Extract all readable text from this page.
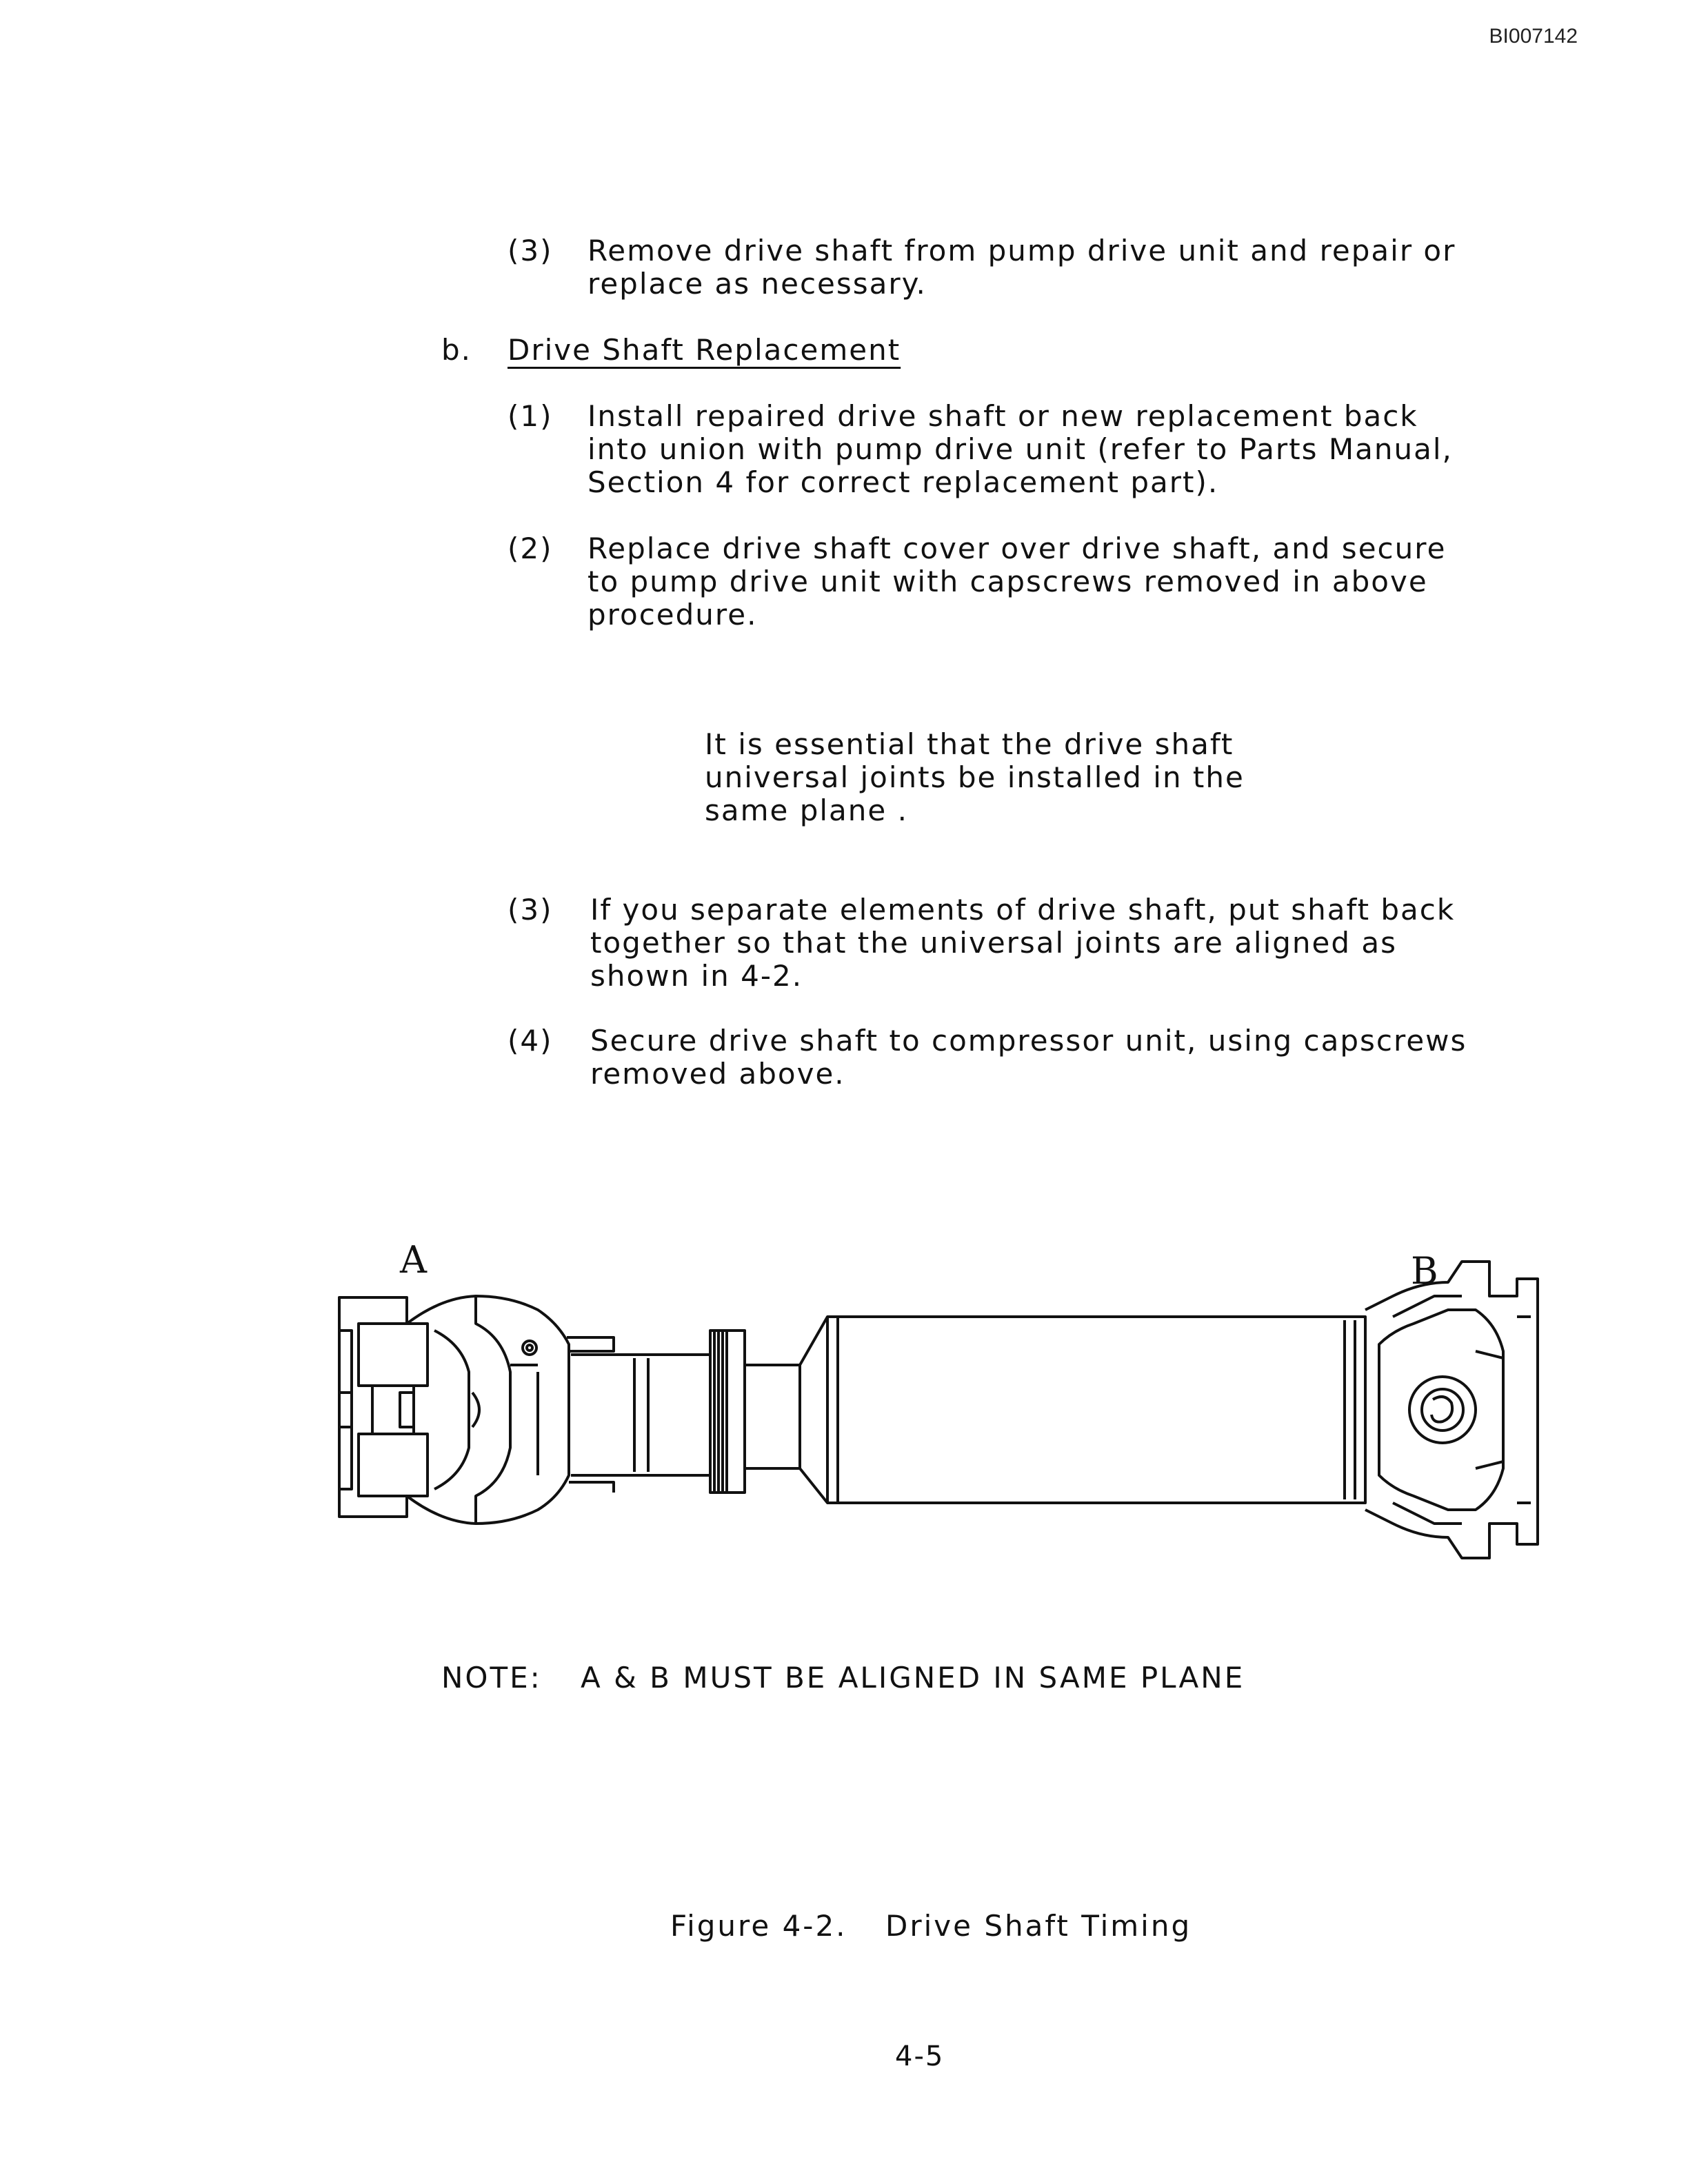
BI007142
(3) Remove drive shaft from pump drive unit and repair or
replace as necessary.
b. Drive Shaft Replacement
(1) Install repaired drive shaft or new replacement back
into union with pump drive unit (refer to Parts Manual,
Section 4 for correct replacement part).
(2) Replace drive shaft cover over drive shaft, and secure
to pump drive unit with capscrews removed in above
procedure.
It is essential that the drive shaft
universal joints be installed in the
same plane .
(3) If you separate elements of drive shaft, put shaft back
together so that the universal joints are aligned as
shown in 4-2.
(4) Secure drive shaft to compressor unit, using capscrews
removed above.
A	B
NOTE: A & B MUST BE ALIGNED IN SAME PLANE
Figure 4-2. Drive Shaft Timing
4-5
